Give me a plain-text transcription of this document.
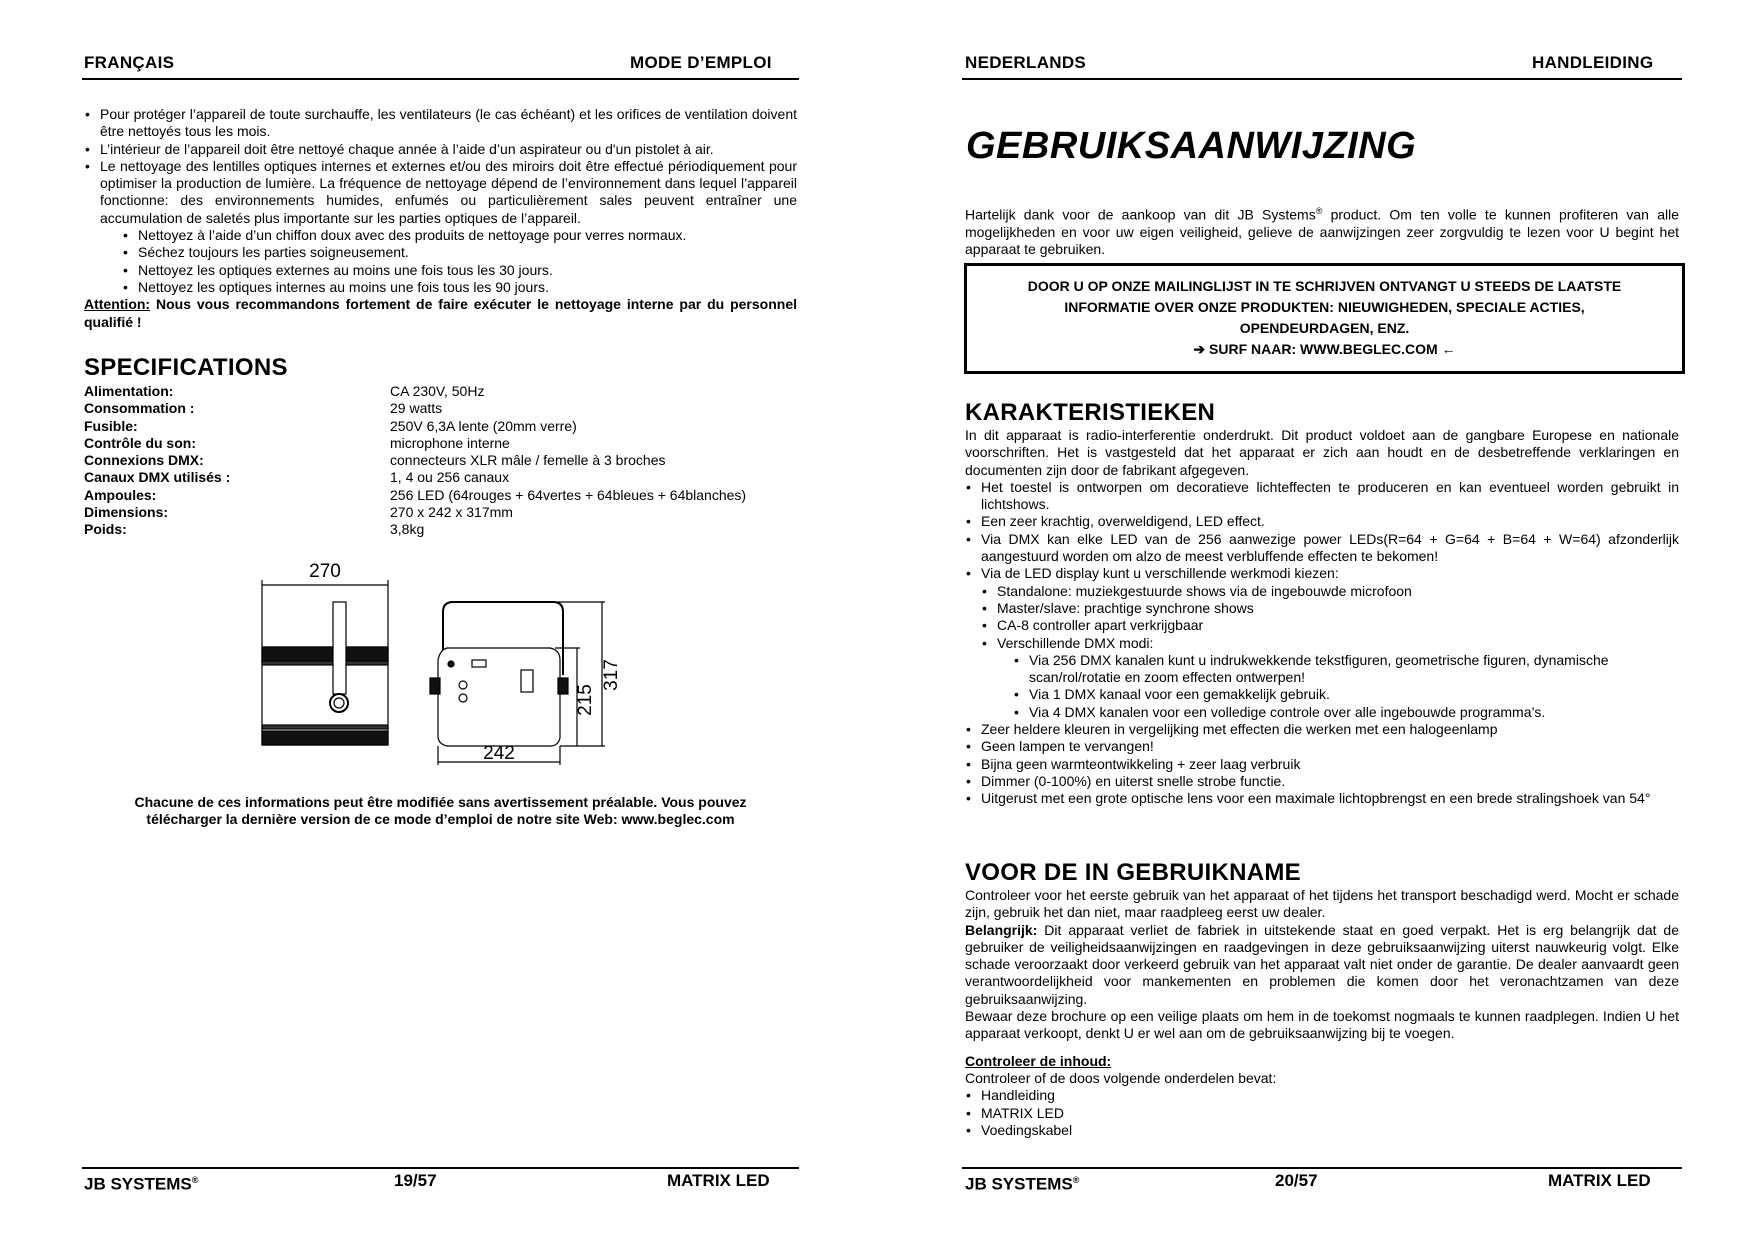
FRANÇAIS	MODE D’EMPLOI
• Pour protéger l’appareil de toute surchauffe, les ventilateurs (le cas échéant) et les orifices de ventilation doivent être nettoyés tous les mois.
• L’intérieur de l’appareil doit être nettoyé chaque année à l’aide d’un aspirateur ou d'un pistolet à air.
• Le nettoyage des lentilles optiques internes et externes et/ou des miroirs doit être effectué périodiquement pour optimiser la production de lumière. La fréquence de nettoyage dépend de l’environnement dans lequel l’appareil fonctionne: des environnements humides, enfumés ou particulièrement sales peuvent entraîner une accumulation de saletés plus importante sur les parties optiques de l’appareil.
• Nettoyez à l’aide d’un chiffon doux avec des produits de nettoyage pour verres normaux.
• Séchez toujours les parties soigneusement.
• Nettoyez les optiques externes au moins une fois tous les 30 jours.
• Nettoyez les optiques internes au moins une fois tous les 90 jours.

Attention: Nous vous recommandons fortement de faire exécuter le nettoyage interne par du personnel qualifié !

SPECIFICATIONS
Alimentation:	CA 230V, 50Hz
Consommation :	29 watts
Fusible:	250V 6,3A lente (20mm verre)
Contrôle du son:	microphone interne
Connexions DMX:	connecteurs XLR mâle / femelle à 3 broches
Canaux DMX utilisés :	1, 4 ou 256 canaux
Ampoules:	256 LED (64rouges + 64vertes + 64bleues + 64blanches)
Dimensions:	270 x 242 x 317mm
Poids:	3,8kg
270
242
215
317
Chacune de ces informations peut être modifiée sans avertissement préalable. Vous pouvez télécharger la dernière version de ce mode d’emploi de notre site Web: www.beglec.com
JB SYSTEMS®	19/57	MATRIX LED
NEDERLANDS	HANDLEIDING
GEBRUIKSAANWIJZING

Hartelijk dank voor de aankoop van dit JB Systems® product. Om ten volle te kunnen profiteren van alle mogelijkheden en voor uw eigen veiligheid, gelieve de aanwijzingen zeer zorgvuldig te lezen voor U begint het apparaat te gebruiken.

DOOR U OP ONZE MAILINGLIJST IN TE SCHRIJVEN ONTVANGT U STEEDS DE LAATSTE INFORMATIE OVER ONZE PRODUKTEN: NIEUWIGHEDEN, SPECIALE ACTIES, OPENDEURDAGEN, ENZ.
➔ SURF NAAR: WWW.BEGLEC.COM ←
KARAKTERISTIEKEN

In dit apparaat is radio-interferentie onderdrukt. Dit product voldoet aan de gangbare Europese en nationale voorschriften. Het is vastgesteld dat het apparaat er zich aan houdt en de desbetreffende verklaringen en documenten zijn door de fabrikant afgegeven.

• Het toestel is ontworpen om decoratieve lichteffecten te produceren en kan eventueel worden gebruikt in lichtshows.
• Een zeer krachtig, overweldigend, LED effect.
• Via DMX kan elke LED van de 256 aanwezige power LEDs(R=64 + G=64 + B=64 + W=64) afzonderlijk aangestuurd worden om alzo de meest verbluffende effecten te bekomen!
• Via de LED display kunt u verschillende werkmodi kiezen:
• Standalone: muziekgestuurde shows via de ingebouwde microfoon
• Master/slave: prachtige synchrone shows
• CA-8 controller apart verkrijgbaar
• Verschillende DMX modi:
• Via 256 DMX kanalen kunt u indrukwekkende tekstfiguren, geometrische figuren, dynamische scan/rol/rotatie en zoom effecten ontwerpen!
• Via 1 DMX kanaal voor een gemakkelijk gebruik.
• Via 4 DMX kanalen voor een volledige controle over alle ingebouwde programma’s.
• Zeer heldere kleuren in vergelijking met effecten die werken met een halogeenlamp
• Geen lampen te vervangen!
• Bijna geen warmteontwikkeling + zeer laag verbruik
• Dimmer (0-100%) en uiterst snelle strobe functie.
• Uitgerust met een grote optische lens voor een maximale lichtopbrengst en een brede stralingshoek van 54°
VOOR DE IN GEBRUIKNAME

Controleer voor het eerste gebruik van het apparaat of het tijdens het transport beschadigd werd. Mocht er schade zijn, gebruik het dan niet, maar raadpleeg eerst uw dealer.

Belangrijk: Dit apparaat verliet de fabriek in uitstekende staat en goed verpakt. Het is erg belangrijk dat de gebruiker de veiligheidsaanwijzingen en raadgevingen in deze gebruiksaanwijzing uiterst nauwkeurig volgt. Elke schade veroorzaakt door verkeerd gebruik van het apparaat valt niet onder de garantie. De dealer aanvaardt geen verantwoordelijkheid voor mankementen en problemen die komen door het veronachtzamen van deze gebruiksaanwijzing.

Bewaar deze brochure op een veilige plaats om hem in de toekomst nogmaals te kunnen raadplegen. Indien U het apparaat verkoopt, denkt U er wel aan om de gebruiksaanwijzing bij te voegen.

Controleer de inhoud:

Controleer of de doos volgende onderdelen bevat:

• Handleiding
• MATRIX LED
• Voedingskabel
JB SYSTEMS®	20/57	MATRIX LED
